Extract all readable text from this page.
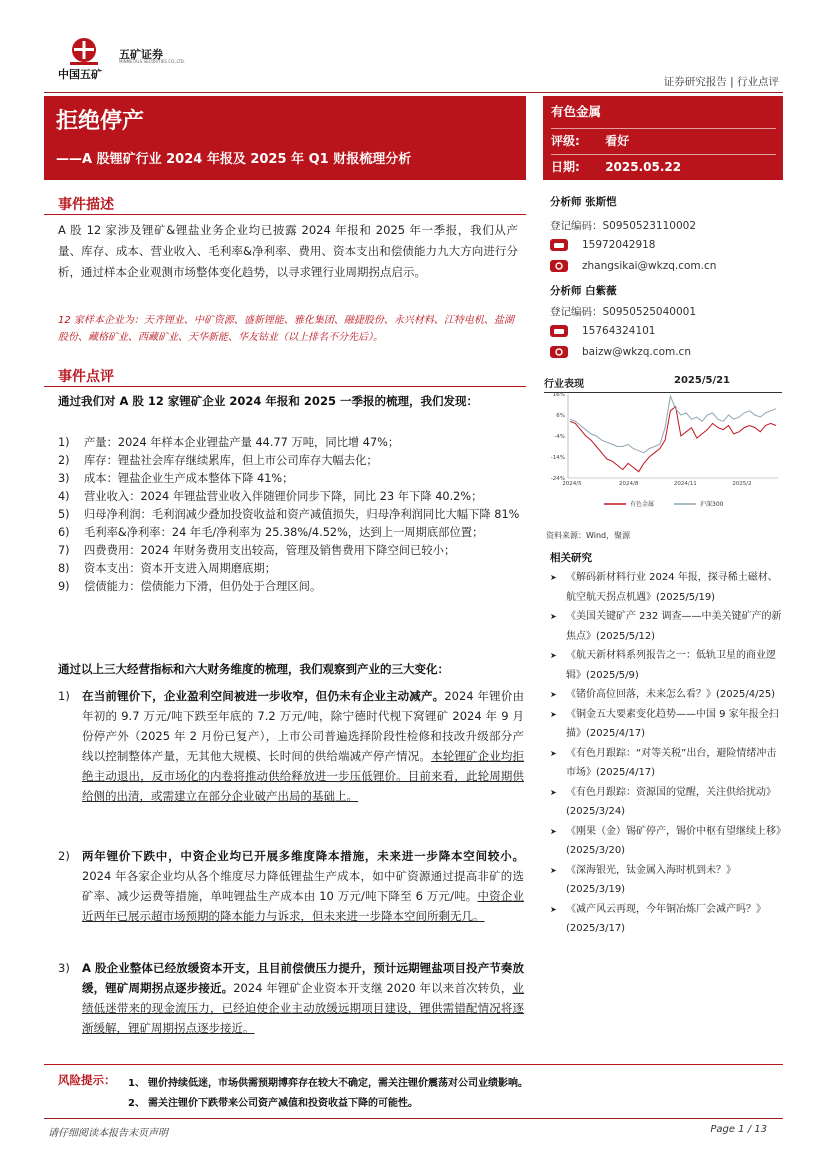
中国五矿
五矿证券
MINMETALS SECURITIES CO.,LTD.
证券研究报告 | 行业点评
拒绝停产
——A 股锂矿行业 2024 年报及 2025 年 Q1 财报梳理分析
有色金属
评级: 看好
日期: 2025.05.22
事件描述
A 股 12 家涉及锂矿&锂盐业务企业均已披露 2024 年报和 2025 年一季报，我们从产量、库存、成本、营业收入、毛利率&净利率、费用、资本支出和偿债能力九大方向进行分析，通过样本企业观测市场整体变化趋势，以寻求锂行业周期拐点启示。
12 家样本企业为：天齐锂业、中矿资源、盛新锂能、雅化集团、融捷股份、永兴材料、江特电机、盐湖股份、藏格矿业、西藏矿业、天华新能、华友钴业（以上排名不分先后）。
事件点评
通过我们对 A 股 12 家锂矿企业 2024 年报和 2025 一季报的梳理，我们发现：
1)	产量：2024 年样本企业锂盐产量 44.77 万吨，同比增 47%；
2)	库存：锂盐社会库存继续累库，但上市公司库存大幅去化；
3)	成本：锂盐企业生产成本整体下降 41%；
4)	营业收入：2024 年锂盐营业收入伴随锂价同步下降，同比 23 年下降 40.2%；
5)	归母净利润：毛利润减少叠加投资收益和资产减值损失，归母净利润同比大幅下降 81%
6)	毛利率&净利率：24 年毛/净利率为 25.38%/4.52%，达到上一周期底部位置；
7)	四费费用：2024 年财务费用支出较高，管理及销售费用下降空间已较小；
8)	资本支出：资本开支进入周期磨底期；
9)	偿债能力：偿债能力下滑，但仍处于合理区间。
通过以上三大经营指标和六大财务维度的梳理，我们观察到产业的三大变化：
1) 在当前锂价下，企业盈利空间被进一步收窄，但仍未有企业主动减产。2024 年锂价由年初的 9.7 万元/吨下跌至年底的 7.2 万元/吨，除宁德时代枧下窝锂矿 2024 年 9 月份停产外（2025 年 2 月份已复产），上市公司普遍选择阶段性检修和技改升级部分产线以控制整体产量，无其他大规模、长时间的供给端减产停产情况。本轮锂矿企业均拒绝主动退出，反市场化的内卷将推动供给释放进一步压低锂价。目前来看，此轮周期供给侧的出清，或需建立在部分企业破产出局的基础上。
2) 两年锂价下跌中，中资企业均已开展多维度降本措施，未来进一步降本空间较小。2024 年各家企业均从各个维度尽力降低锂盐生产成本，如中矿资源通过提高非矿的选矿率、减少运费等措施，单吨锂盐生产成本由 10 万元/吨下降至 6 万元/吨。中资企业近两年已展示超市场预期的降本能力与诉求，但未来进一步降本空间所剩无几。
3) A 股企业整体已经放缓资本开支，且目前偿债压力提升，预计远期锂盐项目投产节奏放缓，锂矿周期拐点逐步接近。2024 年锂矿企业资本开支继 2020 年以来首次转负，业绩低迷带来的现金流压力，已经迫使企业主动放缓远期项目建设，锂供需错配情况将逐渐缓解，锂矿周期拐点逐步接近。
风险提示： 1、 锂价持续低迷，市场供需预期博弈存在较大不确定，需关注锂价震荡对公司业绩影响。
2、 需关注锂价下跌带来公司资产减值和投资收益下降的可能性。
请仔细阅读本报告末页声明	Page 1 / 13
分析师 张斯恺
登记编码：S0950523110002
15972042918
zhangsikai@wkzq.com.cn
分析师 白紫薇
登记编码：S0950525040001
15764324101
baizw@wkzq.com.cn
行业表现	2025/5/21
16%
6%
-4%
-14%
-24%
2024/5	2024/8	2024/11	2025/2
有色金属	沪深300
资料来源：Wind，聚源
相关研究
➤ 《解码新材料行业 2024 年报，探寻稀土磁材、航空航天拐点机遇》(2025/5/19)
➤ 《美国关键矿产 232 调查——中美关键矿产的新焦点》(2025/5/12)
➤ 《航天新材料系列报告之一：低轨卫星的商业逻辑》(2025/5/9)
➤ 《锗价高位回落，未来怎么看？》(2025/4/25)
➤ 《铜金五大要素变化趋势——中国 9 家年报全扫描》(2025/4/17)
➤ 《有色月跟踪：“对等关税”出台，避险情绪冲击市场》(2025/4/17)
➤ 《有色月跟踪：资源国的觉醒，关注供给扰动》(2025/3/24)
➤ 《刚果（金）锡矿停产，锡价中枢有望继续上移》(2025/3/20)
➤ 《深海银光，钛金属入海时机到未？》(2025/3/19)
➤ 《减产风云再现，今年铜冶炼厂会减产吗？》(2025/3/17)
